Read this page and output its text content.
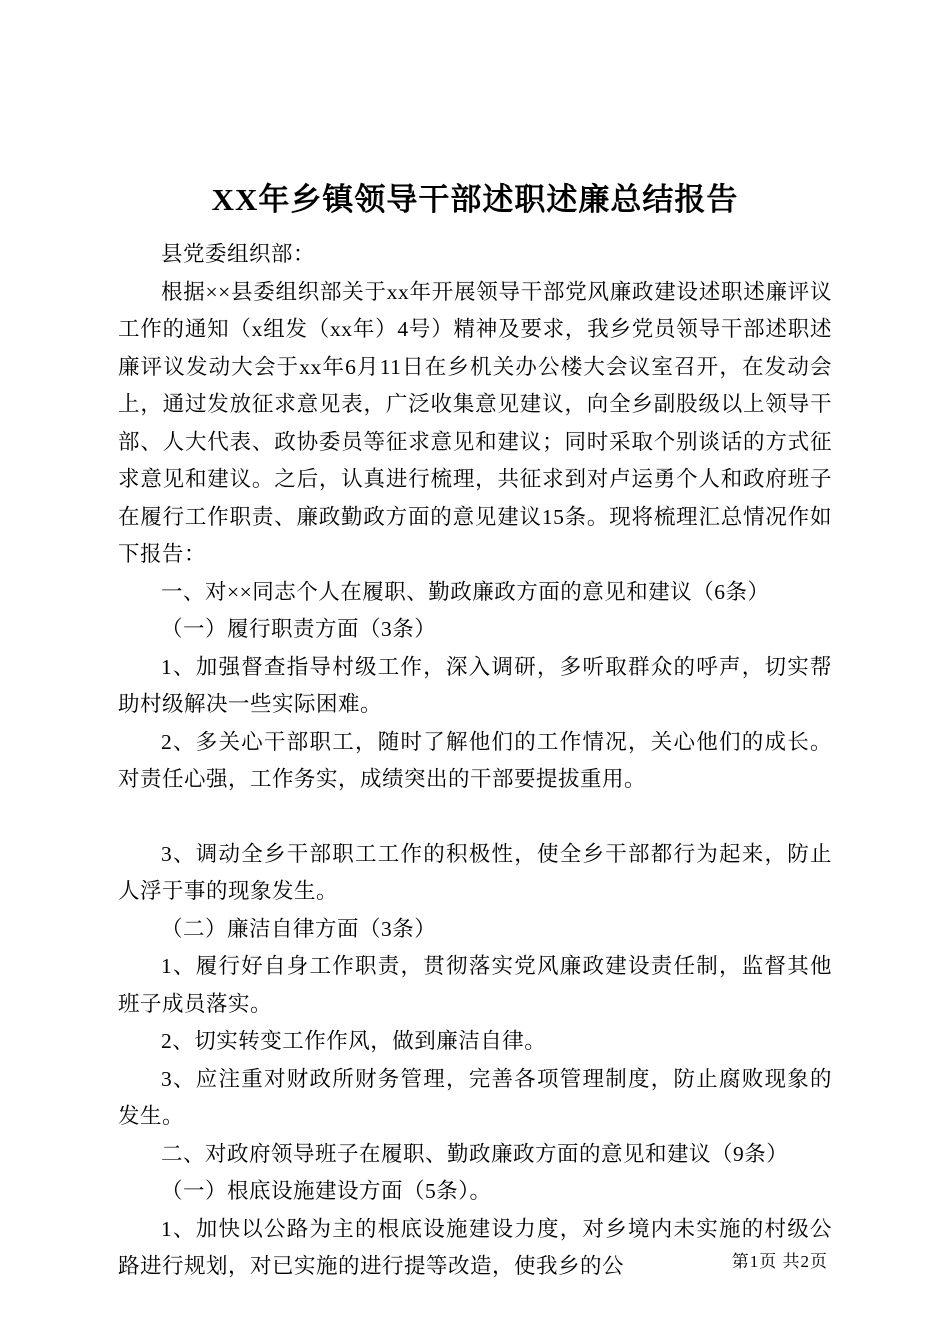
XX年乡镇领导干部述职述廉总结报告

县党委组织部：

根据××县委组织部关于xx年开展领导干部党风廉政建设述职述廉评议工作的通知（x组发（xx年）4号）精神及要求，我乡党员领导干部述职述廉评议发动大会于xx年6月11日在乡机关办公楼大会议室召开，在发动会上，通过发放征求意见表，广泛收集意见建议，向全乡副股级以上领导干部、人大代表、政协委员等征求意见和建议；同时采取个别谈话的方式征求意见和建议。之后，认真进行梳理，共征求到对卢运勇个人和政府班子在履行工作职责、廉政勤政方面的意见建议15条。现将梳理汇总情况作如下报告：

一、对××同志个人在履职、勤政廉政方面的意见和建议（6条）

（一）履行职责方面（3条）

1、加强督查指导村级工作，深入调研，多听取群众的呼声，切实帮助村级解决一些实际困难。

2、多关心干部职工，随时了解他们的工作情况，关心他们的成长。对责任心强，工作务实，成绩突出的干部要提拔重用。

3、调动全乡干部职工工作的积极性，使全乡干部都行为起来，防止人浮于事的现象发生。

（二）廉洁自律方面（3条）

1、履行好自身工作职责，贯彻落实党风廉政建设责任制，监督其他班子成员落实。

2、切实转变工作作风，做到廉洁自律。

3、应注重对财政所财务管理，完善各项管理制度，防止腐败现象的发生。

二、对政府领导班子在履职、勤政廉政方面的意见和建议（9条）

（一）根底设施建设方面（5条）。

1、加快以公路为主的根底设施建设力度，对乡境内未实施的村级公路进行规划，对已实施的进行提等改造，使我乡的公	第1页 共2页
